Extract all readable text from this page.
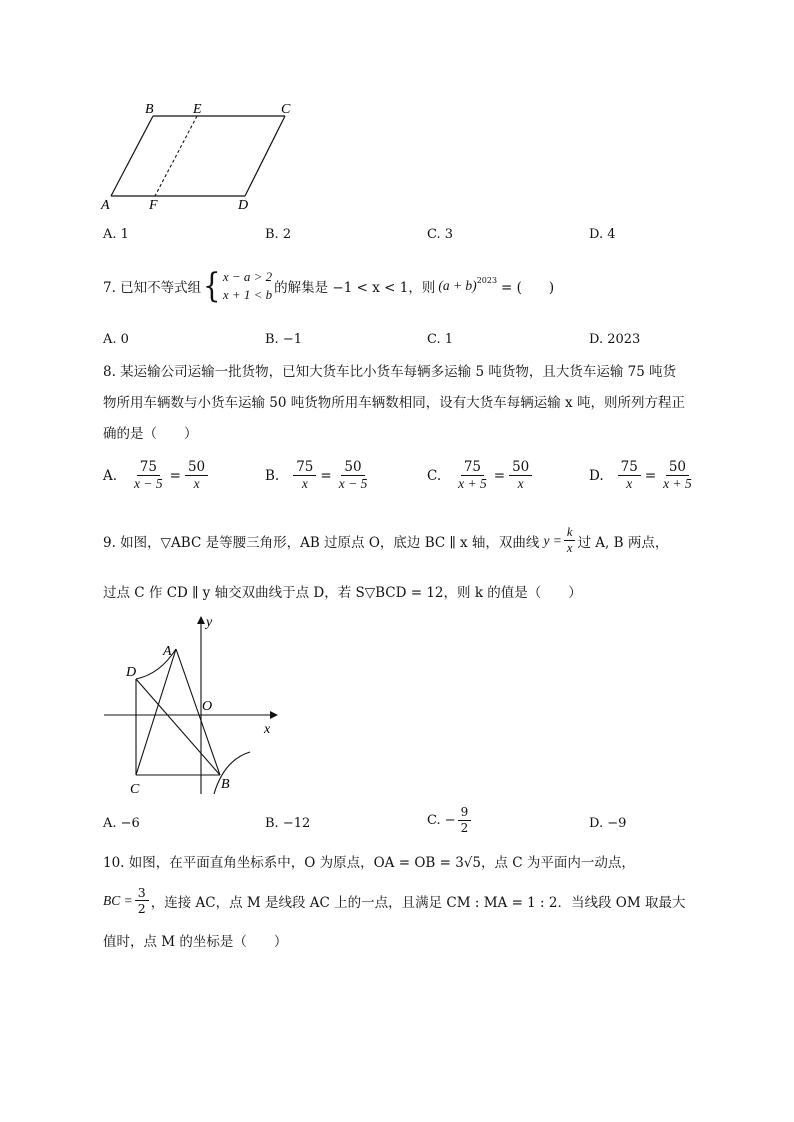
B	E	C
A	F	D
A. 1	B. 2	C. 3	D. 4
7. 已知不等式组 { x − a > 2
x + 1 < b 的解集是 −1 < x < 1，则 $(a + b)^{2023}$ = (　　)
A. 0	B. −1	C. 1	D. 2023
8. 某运输公司运输一批货物，已知大货车比小货车每辆多运输 5 吨货物，且大货车运输 75 吨货
物所用车辆数与小货车运输 50 吨货物所用车辆数相同，设有大货车每辆运输 x 吨，则所列方程正
确的是（　　）
A. $\frac{75}{x - 5} = \frac{50}{x}$	B. $\frac{75}{x} = \frac{50}{x - 5}$	C. $\frac{75}{x + 5} = \frac{50}{x}$	D. $\frac{75}{x} = \frac{50}{x + 5}$
9. 如图，▽ABC 是等腰三角形，AB 过原点 O，底边 BC ∥ x 轴，双曲线 $y = \frac{k}{x}$ 过 A, B 两点，
过点 C 作 CD ∥ y 轴交双曲线于点 D，若 S▽BCD = 12，则 k 的值是（　　）
y
x
O
A
D
C	B
A. −6	B. −12	C. − $\frac{9}{2}$	D. −9
10. 如图，在平面直角坐标系中，O 为原点，OA = OB = 3√5，点 C 为平面内一动点，
BC = $\frac{3}{2}$ ，连接 AC，点 M 是线段 AC 上的一点，且满足 CM : MA = 1 : 2．当线段 OM 取最大
值时，点 M 的坐标是（　　）
